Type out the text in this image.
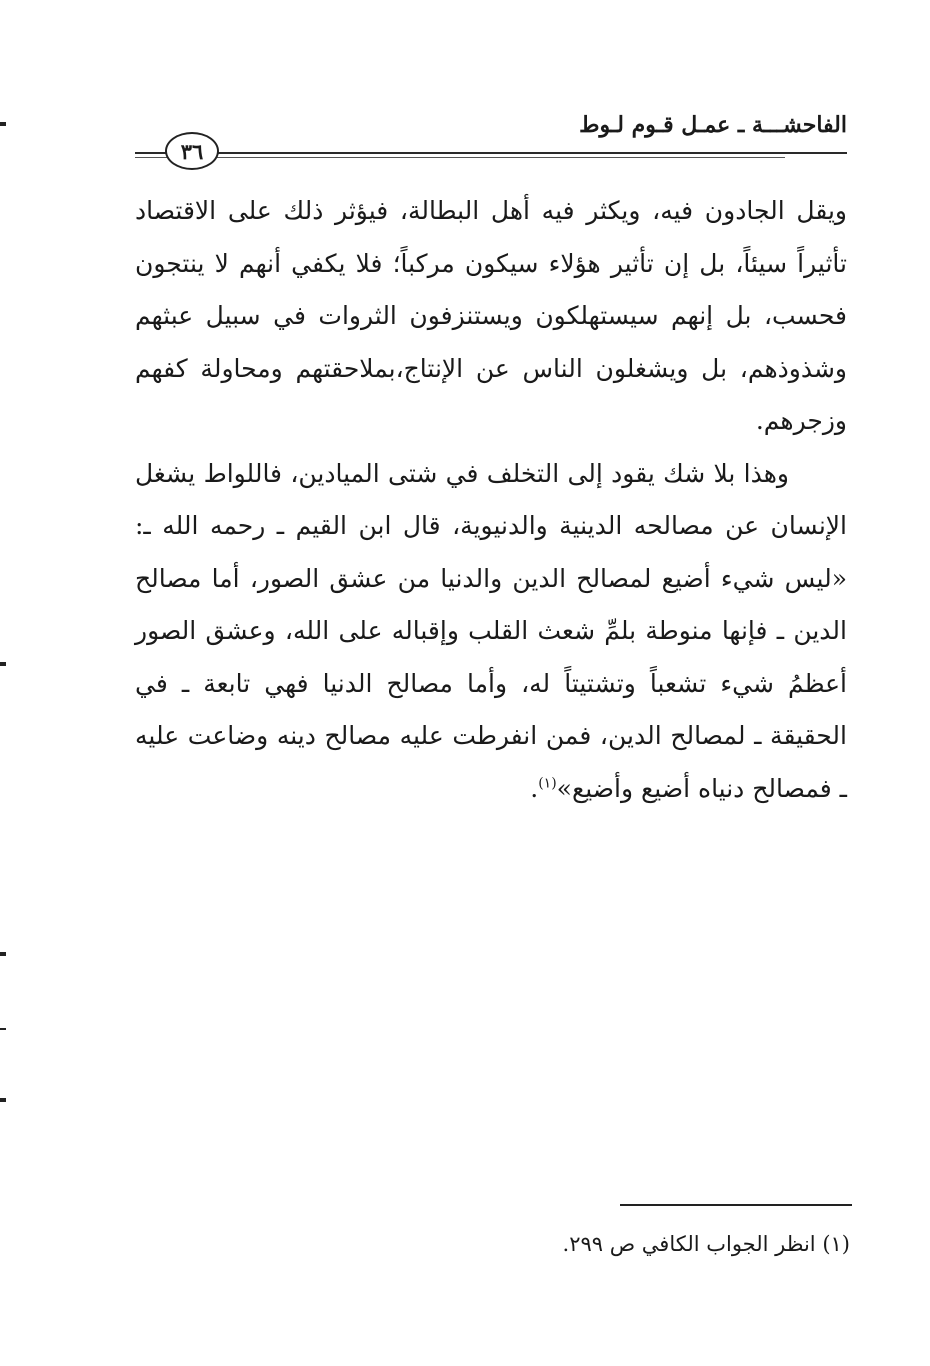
الفاحشـــة ـ عمـل قـوم لـوط
٣٦

ويقل الجادون فيه، ويكثر فيه أهل البطالة، فيؤثر ذلك على الاقتصاد تأثيراً سيئاً، بل إن تأثير هؤلاء سيكون مركباً؛ فلا يكفي أنهم لا ينتجون فحسب، بل إنهم سيستهلكون ويستنزفون الثروات في سبيل عبثهم وشذوذهم، بل ويشغلون الناس عن الإنتاج،بملاحقتهم ومحاولة كفهم وزجرهم.

وهذا بلا شك يقود إلى التخلف في شتى الميادين، فاللواط يشغل الإنسان عن مصالحه الدينية والدنيوية، قال ابن القيم ـ رحمه الله ـ: «ليس شيء أضيع لمصالح الدين والدنيا من عشق الصور، أما مصالح الدين ـ فإنها منوطة بلمِّ شعث القلب وإقباله على الله، وعشق الصور أعظمُ شيء تشعباً وتشتيتاً له، وأما مصالح الدنيا فهي تابعة ـ في الحقيقة ـ لمصالح الدين، فمن انفرطت عليه مصالح دينه وضاعت عليه ـ فمصالح دنياه أضيع وأضيع»$^{(١)}$.

(١) انظر الجواب الكافي ص ٢٩٩.
